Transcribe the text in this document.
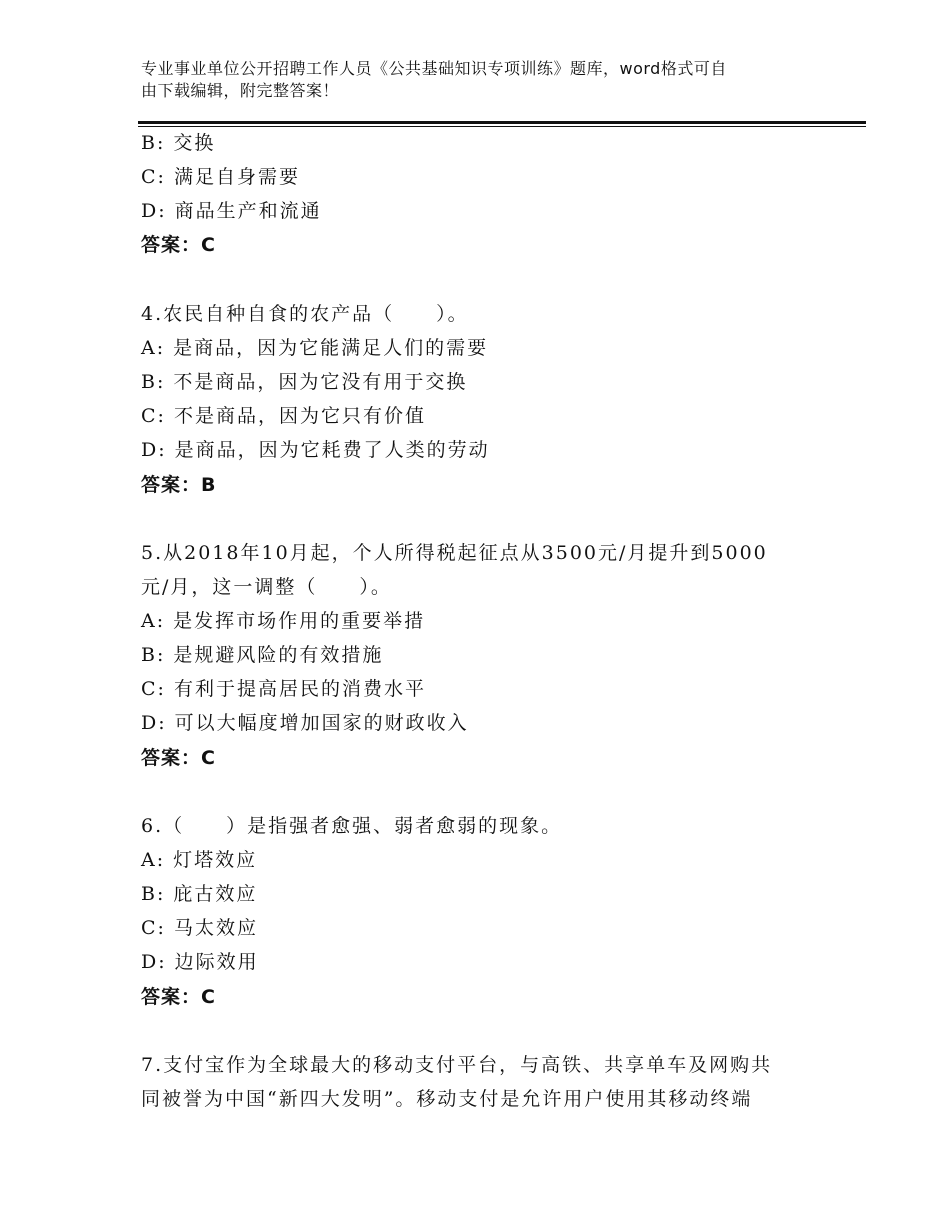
专业事业单位公开招聘工作人员《公共基础知识专项训练》题库，word格式可自
由下载编辑，附完整答案！
B: 交换
C: 满足自身需要
D: 商品生产和流通
答案：C
4.农民自种自食的农产品（　　）。
A: 是商品，因为它能满足人们的需要
B: 不是商品，因为它没有用于交换
C: 不是商品，因为它只有价值
D: 是商品，因为它耗费了人类的劳动
答案：B
5.从2018年10月起，个人所得税起征点从3500元/月提升到5000
元/月，这一调整（　　）。
A: 是发挥市场作用的重要举措
B: 是规避风险的有效措施
C: 有利于提高居民的消费水平
D: 可以大幅度增加国家的财政收入
答案：C
6.（　　）是指强者愈强、弱者愈弱的现象。
A: 灯塔效应
B: 庇古效应
C: 马太效应
D: 边际效用
答案：C
7.支付宝作为全球最大的移动支付平台，与高铁、共享单车及网购共
同被誉为中国“新四大发明”。移动支付是允许用户使用其移动终端
